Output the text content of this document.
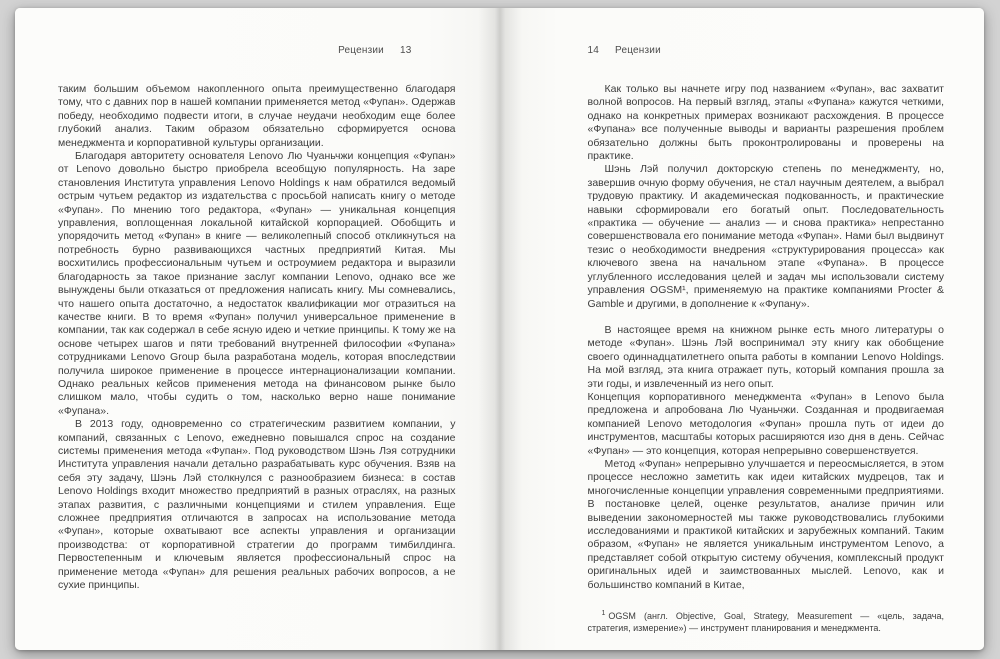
Рецензии 13

таким большим объемом накопленного опыта преимущественно благодаря тому, что с давних пор в нашей компании применяется метод «Фупан». Одержав победу, необходимо подвести итоги, в случае неудачи необходим еще более глубокий анализ. Таким образом обязательно сформируется основа менеджмента и корпоративной культуры организации.

Благодаря авторитету основателя Lenovo Лю Чуаньчжи концепция «Фупан» от Lenovo довольно быстро приобрела всеобщую популярность. На заре становления Института управления Lenovo Holdings к нам обратился ведомый острым чутьем редактор из издательства с просьбой написать книгу о методе «Фупан». По мнению того редактора, «Фупан» — уникальная концепция управления, воплощенная локальной китайской корпорацией. Обобщить и упорядочить метод «Фупан» в книге — великолепный способ откликнуться на потребность бурно развивающихся частных предприятий Китая. Мы восхитились профессиональным чутьем и остроумием редактора и выразили благодарность за такое признание заслуг компании Lenovo, однако все же вынуждены были отказаться от предложения написать книгу. Мы сомневались, что нашего опыта достаточно, а недостаток квалификации мог отразиться на качестве книги. В то время «Фупан» получил универсальное применение в компании, так как содержал в себе ясную идею и четкие принципы. К тому же на основе четырех шагов и пяти требований внутренней философии «Фупана» сотрудниками Lenovo Group была разработана модель, которая впоследствии получила широкое применение в процессе интернационализации компании. Однако реальных кейсов применения метода на финансовом рынке было слишком мало, чтобы судить о том, насколько верно наше понимание «Фупана».

В 2013 году, одновременно со стратегическим развитием компании, у компаний, связанных с Lenovo, ежедневно повышался спрос на создание системы применения метода «Фупан». Под руководством Шэнь Лэя сотрудники Института управления начали детально разрабатывать курс обучения. Взяв на себя эту задачу, Шэнь Лэй столкнулся с разнообразием бизнеса: в состав Lenovo Holdings входит множество предприятий в разных отраслях, на разных этапах развития, с различными концепциями и стилем управления. Еще сложнее предприятия отличаются в запросах на использование метода «Фупан», которые охватывают все аспекты управления и организации производства: от корпоративной стратегии до программ тимбилдинга. Первостепенным и ключевым является профессиональный спрос на применение метода «Фупан» для решения реальных рабочих вопросов, а не сухие принципы.

14 Рецензии

Как только вы начнете игру под названием «Фупан», вас захватит волной вопросов. На первый взгляд, этапы «Фупана» кажутся четкими, однако на конкретных примерах возникают расхождения. В процессе «Фупана» все полученные выводы и варианты разрешения проблем обязательно должны быть проконтролированы и проверены на практике.

Шэнь Лэй получил докторскую степень по менеджменту, но, завершив очную форму обучения, не стал научным деятелем, а выбрал трудовую практику. И академическая подкованность, и практические навыки сформировали его богатый опыт. Последовательность «практика — обучение — анализ — и снова практика» непрестанно совершенствовала его понимание метода «Фупан». Нами был выдвинут тезис о необходимости внедрения «структурирования процесса» как ключевого звена на начальном этапе «Фупана». В процессе углубленного исследования целей и задач мы использовали систему управления OGSM¹, применяемую на практике компаниями Procter & Gamble и другими, в дополнение к «Фупану».

В настоящее время на книжном рынке есть много литературы о методе «Фупан». Шэнь Лэй воспринимал эту книгу как обобщение своего одиннадцатилетнего опыта работы в компании Lenovo Holdings. На мой взгляд, эта книга отражает путь, который компания прошла за эти годы, и извлеченный из него опыт.

Концепция корпоративного менеджмента «Фупан» в Lenovo была предложена и апробована Лю Чуаньчжи. Созданная и продвигаемая компанией Lenovo методология «Фупан» прошла путь от идеи до инструментов, масштабы которых расширяются изо дня в день. Сейчас «Фупан» — это концепция, которая непрерывно совершенствуется.

Метод «Фупан» непрерывно улучшается и переосмысляется, в этом процессе несложно заметить как идеи китайских мудрецов, так и многочисленные концепции управления современными предприятиями. В постановке целей, оценке результатов, анализе причин или выведении закономерностей мы также руководствовались глубокими исследованиями и практикой китайских и зарубежных компаний. Таким образом, «Фупан» не является уникальным инструментом Lenovo, а представляет собой открытую систему обучения, комплексный продукт оригинальных идей и заимствованных мыслей. Lenovo, как и большинство компаний в Китае,

$^1$ OGSM (англ. Objective, Goal, Strategy, Measurement — «цель, задача, стратегия, измерение») — инструмент планирования и менеджмента.
